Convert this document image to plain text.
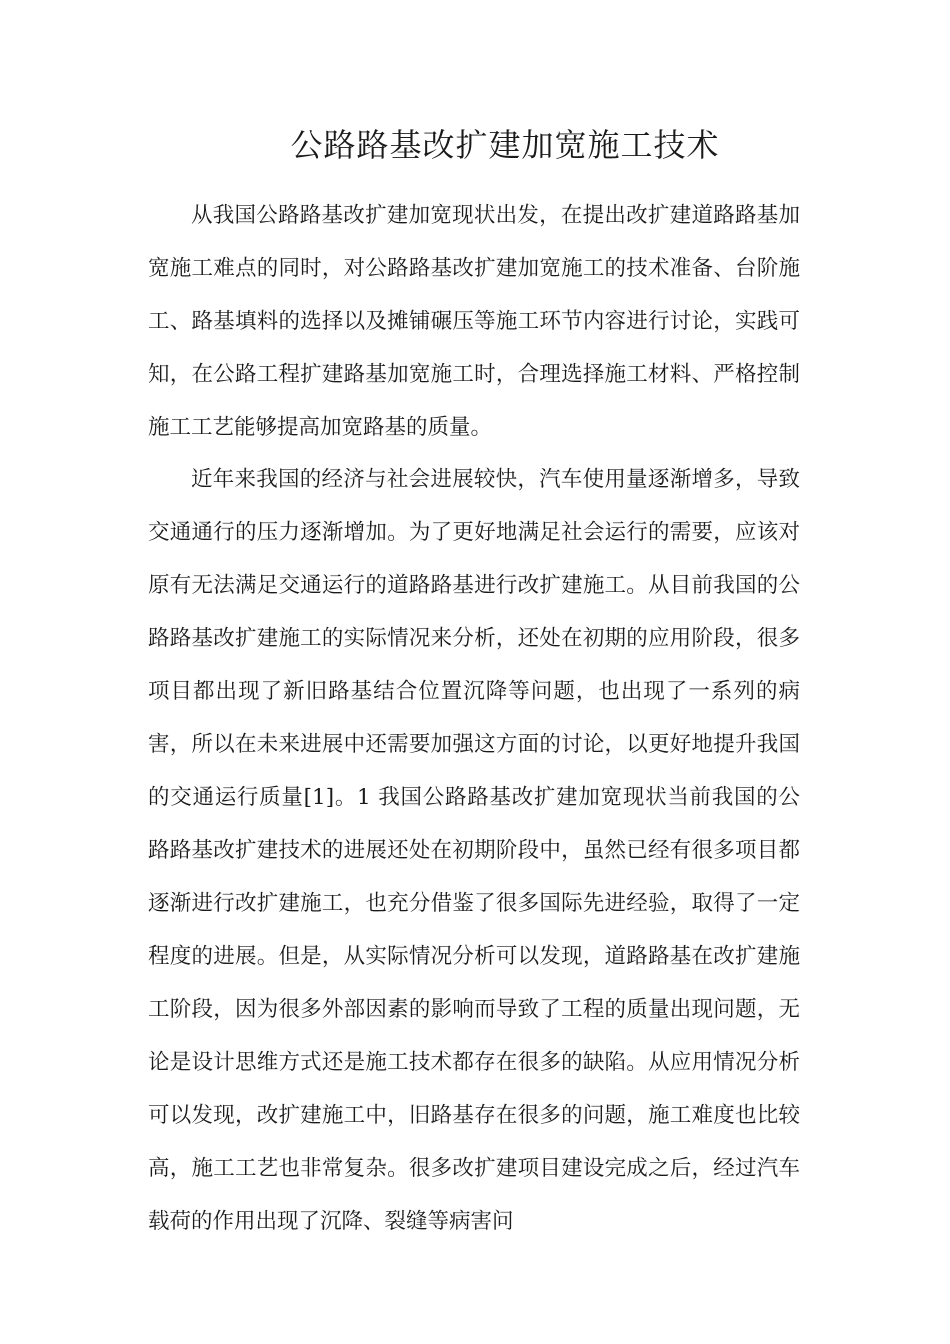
公路路基改扩建加宽施工技术

从我国公路路基改扩建加宽现状出发，在提出改扩建道路路基加宽施工难点的同时，对公路路基改扩建加宽施工的技术准备、台阶施工、路基填料的选择以及摊铺碾压等施工环节内容进行讨论，实践可知，在公路工程扩建路基加宽施工时，合理选择施工材料、严格控制施工工艺能够提高加宽路基的质量。

近年来我国的经济与社会进展较快，汽车使用量逐渐增多，导致交通通行的压力逐渐增加。为了更好地满足社会运行的需要，应该对原有无法满足交通运行的道路路基进行改扩建施工。从目前我国的公路路基改扩建施工的实际情况来分析，还处在初期的应用阶段，很多项目都出现了新旧路基结合位置沉降等问题，也出现了一系列的病害，所以在未来进展中还需要加强这方面的讨论，以更好地提升我国的交通运行质量[1]。1 我国公路路基改扩建加宽现状当前我国的公路路基改扩建技术的进展还处在初期阶段中，虽然已经有很多项目都逐渐进行改扩建施工，也充分借鉴了很多国际先进经验，取得了一定程度的进展。但是，从实际情况分析可以发现，道路路基在改扩建施工阶段，因为很多外部因素的影响而导致了工程的质量出现问题，无论是设计思维方式还是施工技术都存在很多的缺陷。从应用情况分析可以发现，改扩建施工中，旧路基存在很多的问题，施工难度也比较高，施工工艺也非常复杂。很多改扩建项目建设完成之后，经过汽车载荷的作用出现了沉降、裂缝等病害问
